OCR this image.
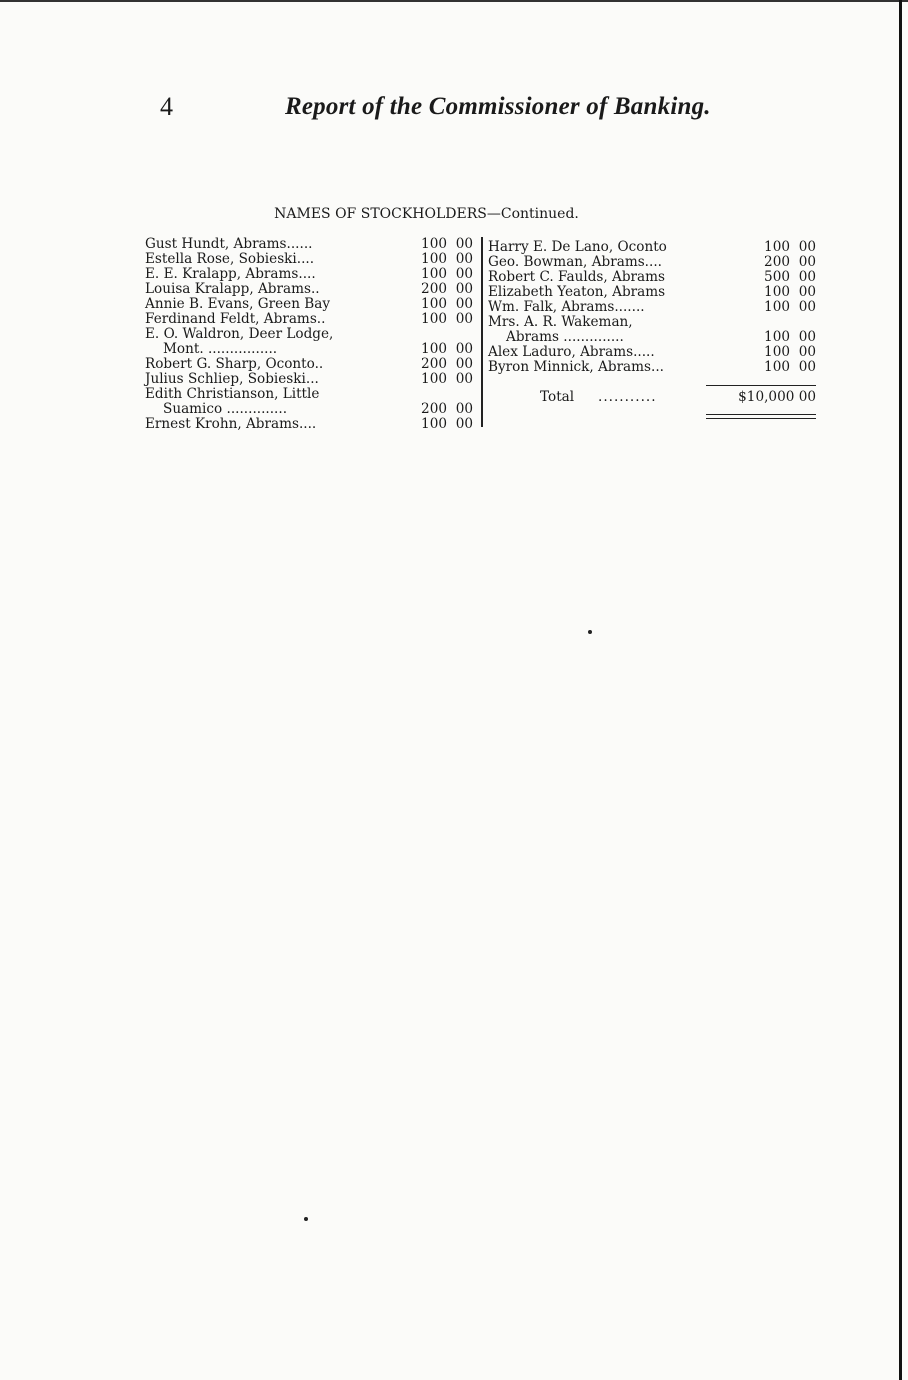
4	Report of the Commissioner of Banking.
NAMES OF STOCKHOLDERS—Continued.
Gust Hundt, Abrams......	100 00
Estella Rose, Sobieski....	100 00
E. E. Kralapp, Abrams....	100 00
Louisa Kralapp, Abrams..	200 00
Annie B. Evans, Green Bay	100 00
Ferdinand Feldt, Abrams..	100 00
E. O. Waldron, Deer Lodge,
Mont. ................	100 00
Robert G. Sharp, Oconto..	200 00
Julius Schliep, Sobieski...	100 00
Edith Christianson, Little
Suamico ..............	200 00
Ernest Krohn, Abrams....	100 00
Harry E. De Lano, Oconto	100 00
Geo. Bowman, Abrams....	200 00
Robert C. Faulds, Abrams	500 00
Elizabeth Yeaton, Abrams	100 00
Wm. Falk, Abrams.......	100 00
Mrs. A. R. Wakeman,
Abrams ..............	100 00
Alex Laduro, Abrams.....	100 00
Byron Minnick, Abrams...	100 00
Total ...........	$10,000 00
